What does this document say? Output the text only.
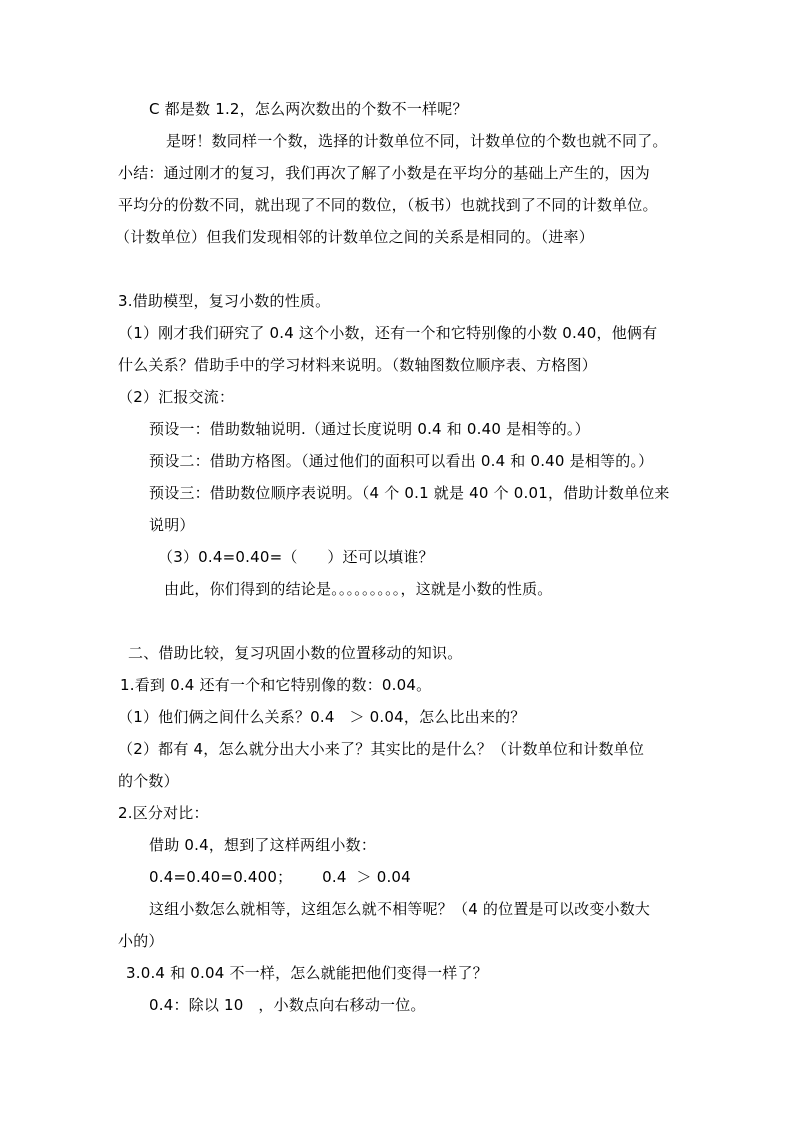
C 都是数 1.2，怎么两次数出的个数不一样呢？
是呀！数同样一个数，选择的计数单位不同，计数单位的个数也就不同了。
小结：通过刚才的复习，我们再次了解了小数是在平均分的基础上产生的，因为
平均分的份数不同，就出现了不同的数位，（板书）也就找到了不同的计数单位。
（计数单位）但我们发现相邻的计数单位之间的关系是相同的。（进率）
3.借助模型，复习小数的性质。
（1）刚才我们研究了 0.4 这个小数，还有一个和它特别像的小数 0.40，他俩有
什么关系？借助手中的学习材料来说明。（数轴图数位顺序表、方格图）
（2）汇报交流：
预设一：借助数轴说明.（通过长度说明 0.4 和 0.40 是相等的。）
预设二：借助方格图。（通过他们的面积可以看出 0.4 和 0.40 是相等的。）
预设三：借助数位顺序表说明。（4 个 0.1 就是 40 个 0.01，借助计数单位来
说明）
（3）0.4=0.40=（      ）还可以填谁？
由此，你们得到的结论是。。。。。。。。。，这就是小数的性质。
二、借助比较，复习巩固小数的位置移动的知识。
1.看到 0.4 还有一个和它特别像的数：0.04。
（1）他们俩之间什么关系？0.4   ＞ 0.04，怎么比出来的？
（2）都有 4，怎么就分出大小来了？其实比的是什么？（计数单位和计数单位
的个数）
2.区分对比：
借助 0.4，想到了这样两组小数：
0.4=0.40=0.400；      0.4  ＞ 0.04
这组小数怎么就相等，这组怎么就不相等呢？（4 的位置是可以改变小数大
小的）
3.0.4 和 0.04 不一样，怎么就能把他们变得一样了？
0.4：除以 10   ，小数点向右移动一位。
